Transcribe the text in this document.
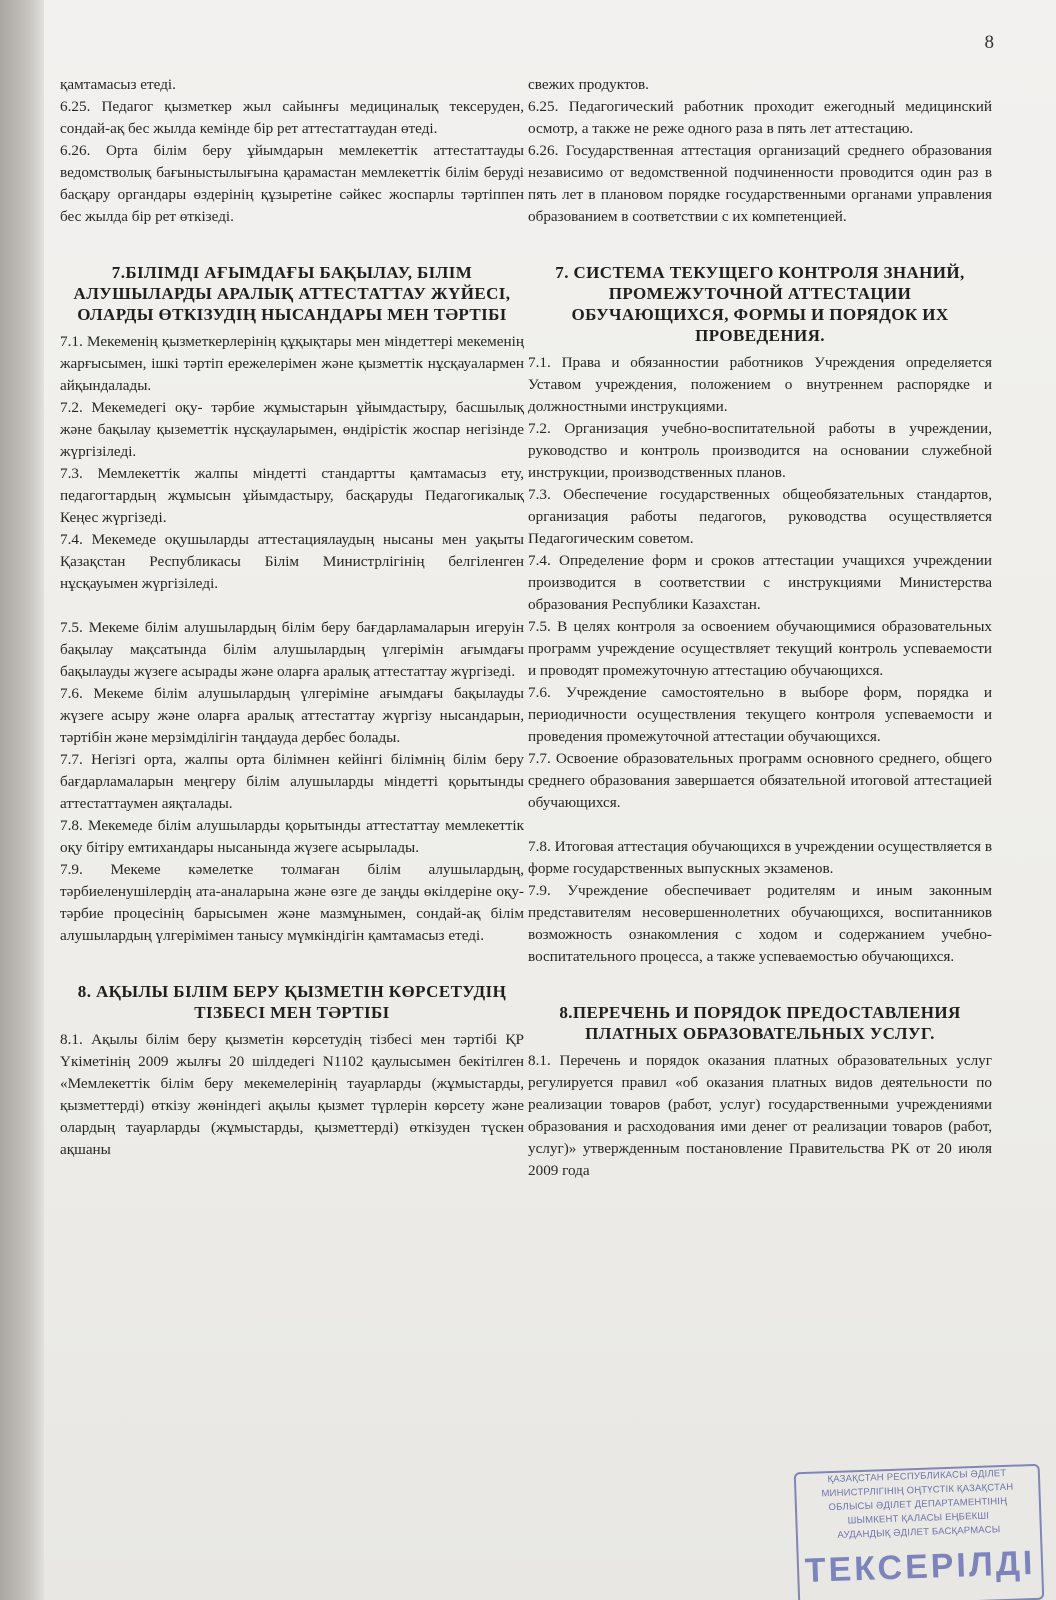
8

қамтамасыз етеді.

6.25. Педагог қызметкер жыл сайынғы медициналық тексеруден, сондай-ақ бес жылда кемінде бір рет аттестаттаудан өтеді.

6.26. Орта білім беру ұйымдарын мемлекеттік аттестаттауды ведомстволық бағыныстылығына қарамастан мемлекеттік білім беруді басқару органдары өздерінің құзыретіне сәйкес жоспарлы тәртіппен бес жылда бір рет өткізеді.

7.БІЛІМДІ АҒЫМДАҒЫ БАҚЫЛАУ, БІЛІМ АЛУШЫЛАРДЫ АРАЛЫҚ АТТЕСТАТТАУ ЖҮЙЕСІ, ОЛАРДЫ ӨТКІЗУДІҢ НЫСАНДАРЫ МЕН ТӘРТІБІ

7.1. Мекеменің қызметкерлерінің құқықтары мен міндеттері мекеменің жарғысымен, ішкі тәртіп ережелерімен және қызметтік нұсқауалармен айқындалады.

7.2. Мекемедегі оқу- тәрбие жұмыстарын ұйымдастыру, басшылық және бақылау қыземеттік нұсқауларымен, өндірістік жоспар негізінде жүргізіледі.

7.3. Мемлекеттік жалпы міндетті стандартты қамтамасыз ету, педагогтардың жұмысын ұйымдастыру, басқаруды Педагогикалық Кеңес жүргізеді.

7.4. Мекемеде оқушыларды аттестациялаудың нысаны мен уақыты Қазақстан Республикасы Білім Министрлігінің белгіленген нұсқауымен жүргізіледі.

7.5. Мекеме білім алушылардың білім беру бағдарламаларын игеруін бақылау мақсатында білім алушылардың үлгерімін ағымдағы бақылауды жүзеге асырады және оларға аралық аттестаттау жүргізеді.

7.6. Мекеме білім алушылардың үлгеріміне ағымдағы бақылауды жүзеге асыру және оларға аралық аттестаттау жүргізу нысандарын, тәртібін және мерзімділігін таңдауда дербес болады.

7.7. Негізгі орта, жалпы орта білімнен кейінгі білімнің білім беру бағдарламаларын меңгеру білім алушыларды міндетті қорытынды аттестаттаумен аяқталады.

7.8. Мекемеде білім алушыларды қорытынды аттестаттау мемлекеттік оқу бітіру емтихандары нысанында жүзеге асырылады.

7.9. Мекеме кәмелетке толмаған білім алушылардың, тәрбиеленушілердің ата-аналарына және өзге де заңды өкілдеріне оқу-тәрбие процесінің барысымен және мазмұнымен, сондай-ақ білім алушылардың үлгерімімен танысу мүмкіндігін қамтамасыз етеді.

8. АҚЫЛЫ БІЛІМ БЕРУ ҚЫЗМЕТІН КӨРСЕТУДІҢ ТІЗБЕСІ МЕН ТӘРТІБІ

8.1. Ақылы білім беру қызметін көрсетудің тізбесі мен тәртібі ҚР Үкіметінің 2009 жылғы 20 шілдедегі N1102 қаулысымен бекітілген «Мемлекеттік білім беру мекемелерінің тауарларды (жұмыстарды, қызметтерді) өткізу жөніндегі ақылы қызмет түрлерін көрсету және олардың тауарларды (жұмыстарды, қызметтерді) өткізуден түскен ақшаны

свежих продуктов.

6.25. Педагогический работник проходит ежегодный медицинский осмотр, а также не реже одного раза в пять лет аттестацию.

6.26. Государственная аттестация организаций среднего образования независимо от ведомственной подчиненности проводится один раз в пять лет в плановом порядке государственными органами управления образованием в соответствии с их компетенцией.

7. СИСТЕМА ТЕКУЩЕГО КОНТРОЛЯ ЗНАНИЙ, ПРОМЕЖУТОЧНОЙ АТТЕСТАЦИИ ОБУЧАЮЩИХСЯ, ФОРМЫ И ПОРЯДОК ИХ ПРОВЕДЕНИЯ.

7.1. Права и обязанностии работников Учреждения определяется Уставом учреждения, положением о внутреннем распорядке и должностными инструкциями.

7.2. Организация учебно-воспитательной работы в учреждении, руководство и контроль производится на основании служебной инструкции, производственных планов.

7.3. Обеспечение государственных общеобязательных стандартов, организация работы педагогов, руководства осуществляется Педагогическим советом.

7.4. Определение форм и сроков аттестации учащихся учреждении производится в соответствии с инструкциями Министерства образования Республики Казахстан.

7.5. В целях контроля за освоением обучающимися образовательных программ учреждение осуществляет текущий контроль успеваемости и проводят промежуточную аттестацию обучающихся.

7.6. Учреждение самостоятельно в выборе форм, порядка и периодичности осуществления текущего контроля успеваемости и проведения промежуточной аттестации обучающихся.

7.7. Освоение образовательных программ основного среднего, общего среднего образования завершается обязательной итоговой аттестацией обучающихся.

7.8. Итоговая аттестация обучающихся в учреждении осуществляется в форме государственных выпускных экзаменов.

7.9. Учреждение обеспечивает родителям и иным законным представителям несовершеннолетних обучающихся, воспитанников возможность ознакомления с ходом и содержанием учебно-воспитательного процесса, а также успеваемостью обучающихся.

8.ПЕРЕЧЕНЬ И ПОРЯДОК ПРЕДОСТАВЛЕНИЯ ПЛАТНЫХ ОБРАЗОВАТЕЛЬНЫХ УСЛУГ.

8.1. Перечень и порядок оказания платных образовательных услуг регулируется правил «об оказания платных видов деятельности по реализации товаров (работ, услуг) государственными учреждениями образования и расходования ими денег от реализации товаров (работ, услуг)» утвержденным постановление Правительства РК от 20 июля 2009 года

ҚАЗАҚСТАН РЕСПУБЛИКАСЫ ӘДІЛЕТ
МИНИСТРЛІГІНІҢ ОҢТҮСТІК ҚАЗАҚСТАН
ОБЛЫСЫ ӘДІЛЕТ ДЕПАРТАМЕНТІНІҢ
ШЫМКЕНТ ҚАЛАСЫ ЕҢБЕКШІ
АУДАНДЫҚ ӘДІЛЕТ БАСҚАРМАСЫ
ТЕКСЕРІЛДІ
